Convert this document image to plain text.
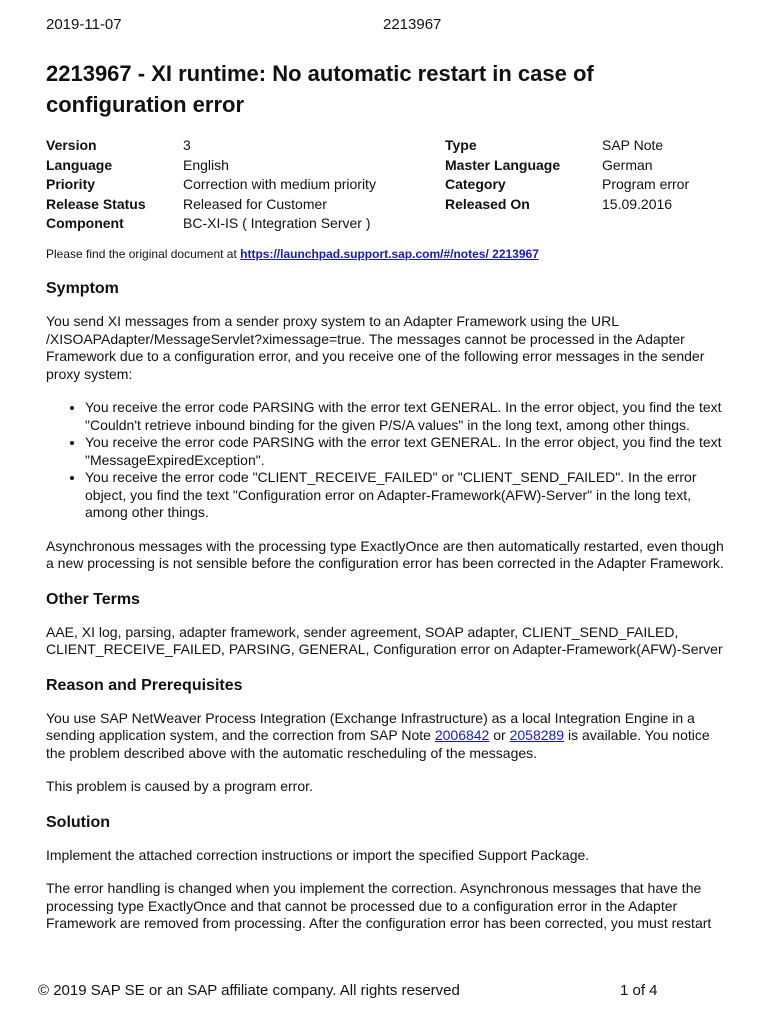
2019-11-07	2213967
2213967 - XI runtime: No automatic restart in case of configuration error
Version	3	Type	SAP Note
Language	English	Master Language	German
Priority	Correction with medium priority	Category	Program error
Release Status	Released for Customer	Released On	15.09.2016
Component	BC-XI-IS ( Integration Server )
Please find the original document at https://launchpad.support.sap.com/#/notes/ 2213967
Symptom

You send XI messages from a sender proxy system to an Adapter Framework using the URL /XISOAPAdapter/MessageServlet?ximessage=true. The messages cannot be processed in the Adapter Framework due to a configuration error, and you receive one of the following error messages in the sender proxy system:

• You receive the error code PARSING with the error text GENERAL. In the error object, you find the text "Couldn't retrieve inbound binding for the given P/S/A values" in the long text, among other things.
• You receive the error code PARSING with the error text GENERAL. In the error object, you find the text "MessageExpiredException".
• You receive the error code "CLIENT_RECEIVE_FAILED" or "CLIENT_SEND_FAILED". In the error object, you find the text "Configuration error on Adapter-Framework(AFW)-Server" in the long text, among other things.

Asynchronous messages with the processing type ExactlyOnce are then automatically restarted, even though a new processing is not sensible before the configuration error has been corrected in the Adapter Framework.

Other Terms

AAE, XI log, parsing, adapter framework, sender agreement, SOAP adapter, CLIENT_SEND_FAILED, CLIENT_RECEIVE_FAILED, PARSING, GENERAL, Configuration error on Adapter-Framework(AFW)-Server

Reason and Prerequisites

You use SAP NetWeaver Process Integration (Exchange Infrastructure) as a local Integration Engine in a sending application system, and the correction from SAP Note 2006842 or 2058289 is available. You notice the problem described above with the automatic rescheduling of the messages.

This problem is caused by a program error.

Solution

Implement the attached correction instructions or import the specified Support Package.

The error handling is changed when you implement the correction. Asynchronous messages that have the processing type ExactlyOnce and that cannot be processed due to a configuration error in the Adapter Framework are removed from processing. After the configuration error has been corrected, you must restart

© 2019 SAP SE or an SAP affiliate company. All rights reserved	1 of 4
